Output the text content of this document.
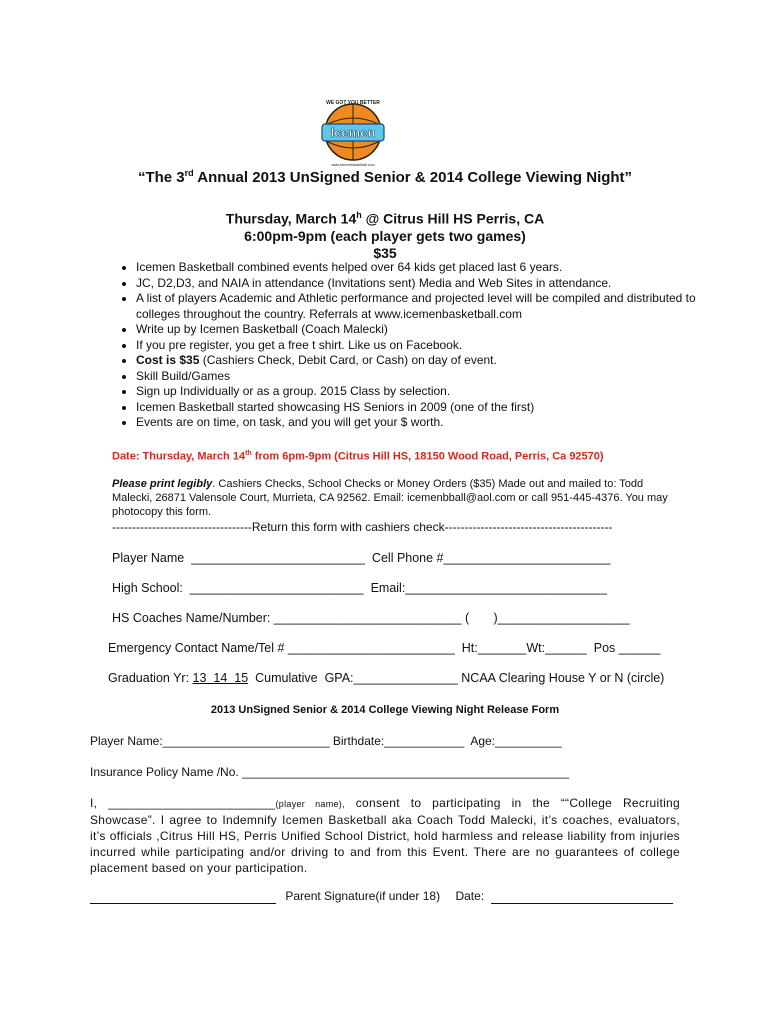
Icemen
WE GOT YOU BETTER
www.icemenbasketball.com
“The 3rd Annual 2013 UnSigned Senior & 2014 College Viewing Night”
Thursday, March 14$^h$ @ Citrus Hill HS Perris, CA
6:00pm-9pm (each player gets two games)
$35
• Icemen Basketball combined events helped over 64 kids get placed last 6 years.
• JC, D2,D3, and NAIA in attendance (Invitations sent) Media and Web Sites in attendance.
• A list of players Academic and Athletic performance and projected level will be compiled and distributed to colleges throughout the country. Referrals at www.icemenbasketball.com
• Write up by Icemen Basketball (Coach Malecki)
• If you pre register, you get a free t shirt. Like us on Facebook.
• Cost is $35 (Cashiers Check, Debit Card, or Cash) on day of event.
• Skill Build/Games
• Sign up Individually or as a group. 2015 Class by selection.
• Icemen Basketball started showcasing HS Seniors in 2009 (one of the first)
• Events are on time, on task, and you will get your $ worth.
Date: Thursday, March 14th from 6pm-9pm (Citrus Hill HS, 18150 Wood Road, Perris, Ca 92570)
Please print legibly. Cashiers Checks, School Checks or Money Orders ($35) Made out and mailed to: Todd Malecki, 26871 Valensole Court, Murrieta, CA 92562. Email: icemenbball@aol.com or call 951-445-4376. You may photocopy this form.
-----------------------------------Return this form with cashiers check------------------------------------------
Player Name  _________________________  Cell Phone #________________________
High School:  _________________________  Email:_____________________________
HS Coaches Name/Number: ___________________________ (       )___________________
Emergency Contact Name/Tel # ________________________  Ht:_______Wt:______  Pos ______
Graduation Yr: 13  14  15  Cumulative  GPA:_______________ NCAA Clearing House Y or N (circle)
2013 UnSigned Senior & 2014 College Viewing Night Release Form
Player Name:_________________________ Birthdate:____________  Age:__________
Insurance Policy Name /No. _________________________________________________
I, ________________________(player name), consent to participating in the ““College Recruiting Showcase”. I agree to Indemnify Icemen Basketball aka Coach Todd Malecki, it’s coaches, evaluators, it’s officials ,Citrus Hill HS, Perris Unified School District, hold harmless and release liability from injuries incurred while participating and/or driving to and from this Event. There are no guarantees of college placement based on your participation.
Parent Signature(if under 18) Date:
